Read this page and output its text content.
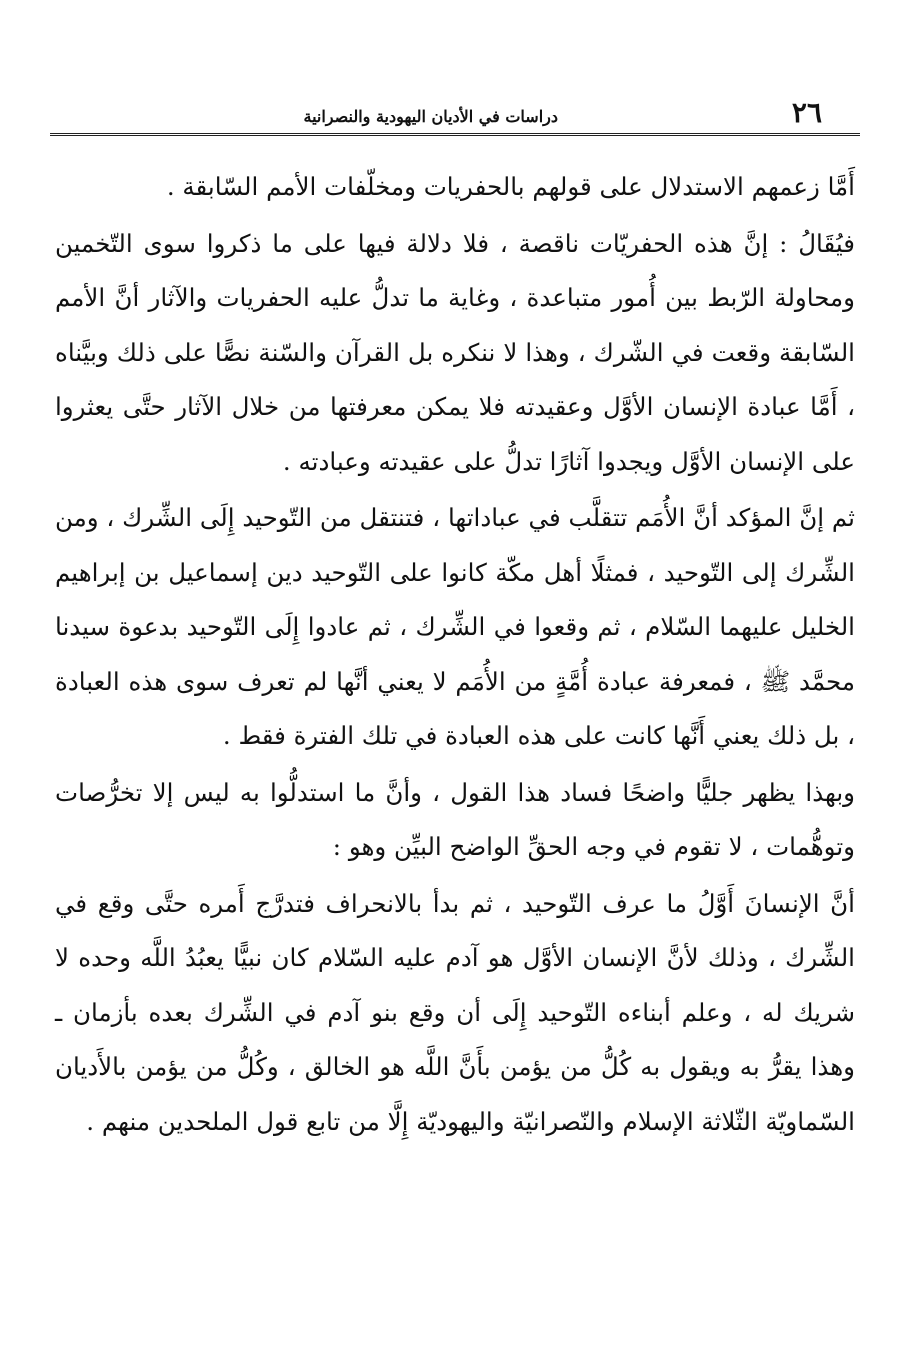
٢٦
دراسات في الأديان اليهودية والنصرانية

أَمَّا زعمهم الاستدلال على قولهم بالحفريات ومخلّفات الأمم السّابقة .

فيُقَالُ : إنَّ هذه الحفريّات ناقصة ، فلا دلالة فيها على ما ذكروا سوى التّخمين ومحاولة الرّبط بين أُمور متباعدة ، وغاية ما تدلُّ عليه الحفريات والآثار أنَّ الأمم السّابقة وقعت في الشّرك ، وهذا لا ننكره بل القرآن والسّنة نصًّا على ذلك وبيَّناه ، أَمَّا عبادة الإنسان الأوَّل وعقيدته فلا يمكن معرفتها من خلال الآثار حتَّى يعثروا على الإنسان الأوَّل ويجدوا آثارًا تدلُّ على عقيدته وعبادته .

ثم إنَّ المؤكد أنَّ الأُمَم تتقلَّب في عباداتها ، فتنتقل من التّوحيد إِلَى الشِّرك ، ومن الشِّرك إلى التّوحيد ، فمثلًا أهل مكّة كانوا على التّوحيد دين إسماعيل بن إبراهيم الخليل عليهما السّلام ، ثم وقعوا في الشِّرك ، ثم عادوا إِلَى التّوحيد بدعوة سيدنا محمَّد ﷺ ، فمعرفة عبادة أُمَّةٍ من الأُمَم لا يعني أنَّها لم تعرف سوى هذه العبادة ، بل ذلك يعني أَنَّها كانت على هذه العبادة في تلك الفترة فقط .

وبهذا يظهر جليًّا واضحًا فساد هذا القول ، وأنَّ ما استدلُّوا به ليس إلا تخرُّصات وتوهُّمات ، لا تقوم في وجه الحقِّ الواضح البيِّن وهو :

أنَّ الإنسانَ أَوَّلُ ما عرف التّوحيد ، ثم بدأ بالانحراف فتدرَّج أَمره حتَّى وقع في الشِّرك ، وذلك لأنَّ الإنسان الأوَّل هو آدم عليه السّلام كان نبيًّا يعبُدُ اللَّه وحده لا شريك له ، وعلم أبناءه التّوحيد إِلَى أن وقع بنو آدم في الشِّرك بعده بأزمان ـ وهذا يقرُّ به ويقول به كُلُّ من يؤمن بأَنَّ اللَّه هو الخالق ، وكُلُّ من يؤمن بالأَديان السّماويّة الثّلاثة الإسلام والنّصرانيّة واليهوديّة إِلَّا من تابع قول الملحدين منهم .
